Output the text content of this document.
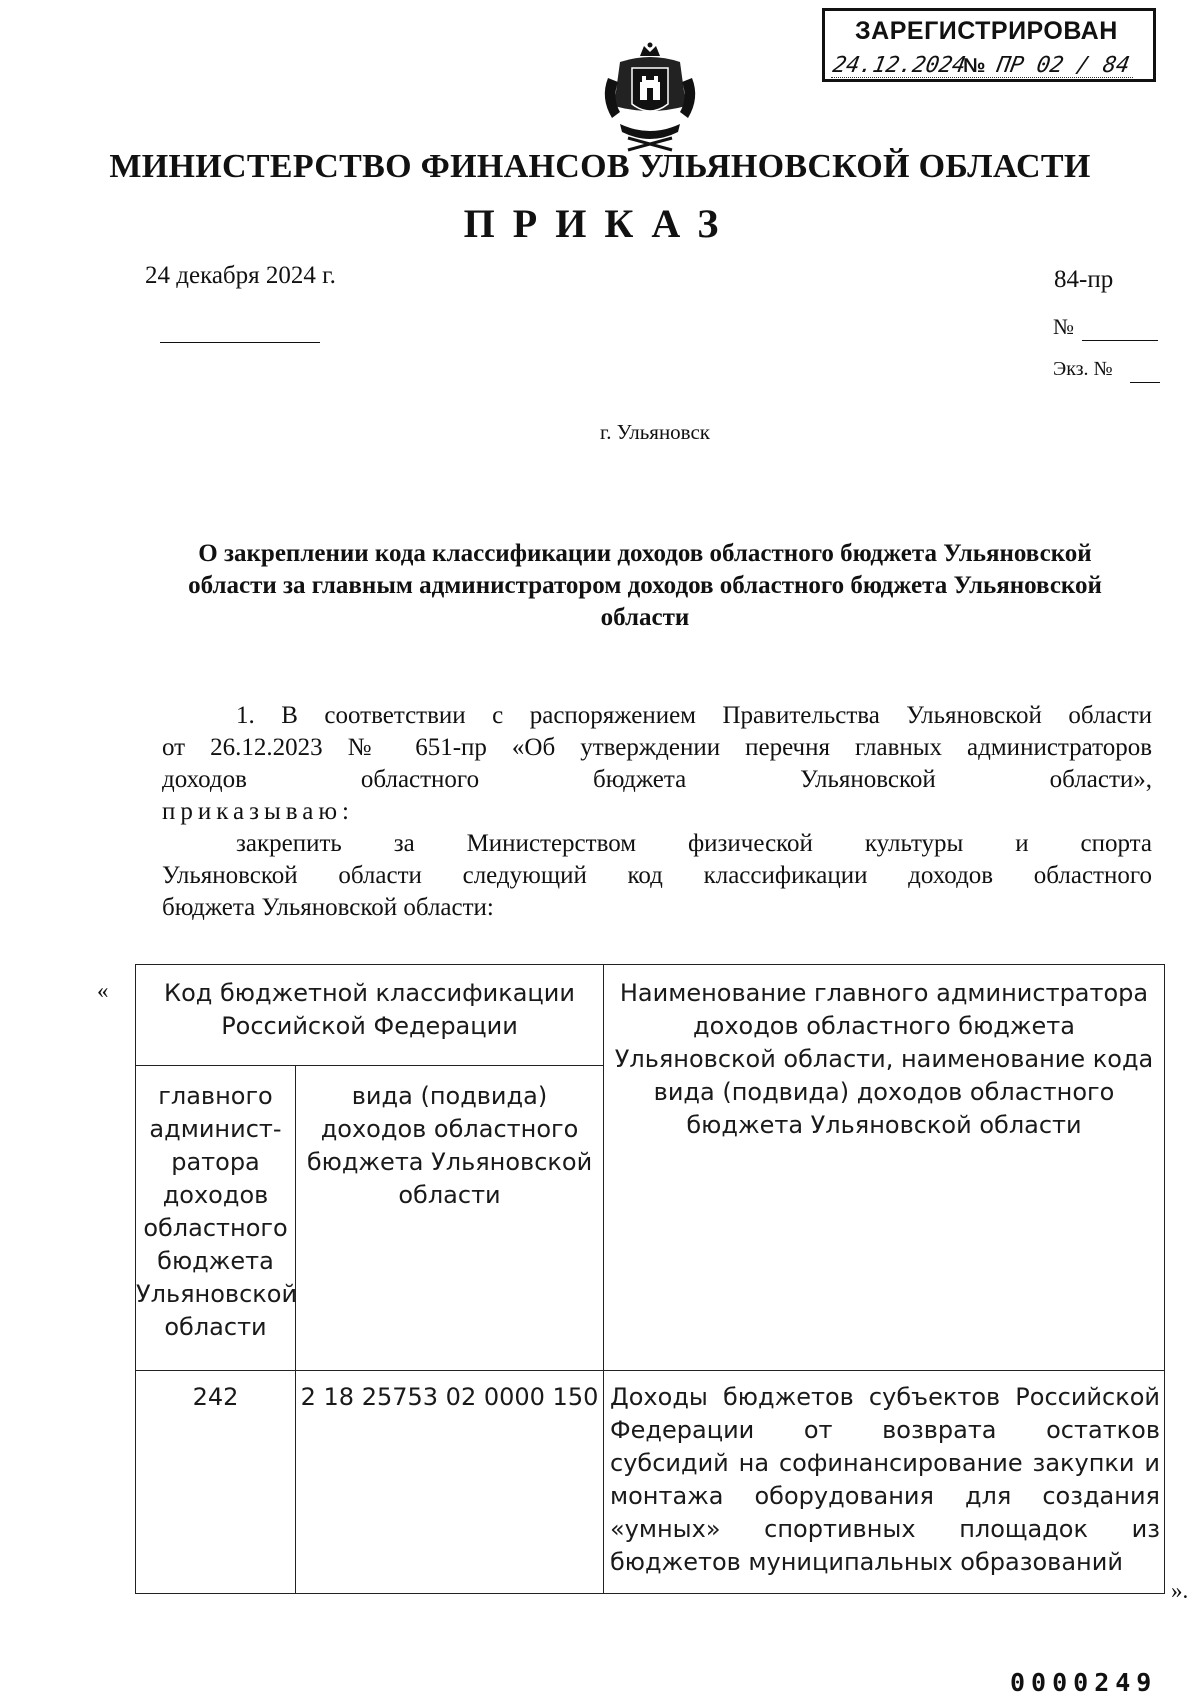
ЗАРЕГИСТРИРОВАН
24.12.2024
№ ПР 02 / 84
МИНИСТЕРСТВО ФИНАНСОВ УЛЬЯНОВСКОЙ ОБЛАСТИ
ПРИКАЗ
24 декабря 2024 г.	84-пр
№
Экз. №
г. Ульяновск
О закреплении кода классификации доходов областного бюджета Ульяновской области за главным администратором доходов областного бюджета Ульяновской области

1. В соответствии с распоряжением Правительства Ульяновской области

от 26.12.2023 № 651-пр «Об утверждении перечня главных администраторов

доходов областного бюджета Ульяновской области»,

приказываю:

закрепить за Министерством физической культуры и спорта

Ульяновской области следующий код классификации доходов областного

бюджета Ульяновской области:

« Код бюджетной классификации Российской Федерации		Наименование главного администратора доходов областного бюджета Ульяновской области, наименование кода вида (подвида) доходов областного бюджета Ульяновской области
главного админист-ратора доходов областного бюджета Ульяновской области	вида (подвида) доходов областного бюджета Ульяновской области	
242	2 18 25753 02 0000 150	Доходы бюджетов субъектов Российской Федерации от возврата остатков субсидий на софинансирование закупки и монтажа оборудования для создания «умных» спортивных площадок из бюджетов муниципальных образований
».
0000249
